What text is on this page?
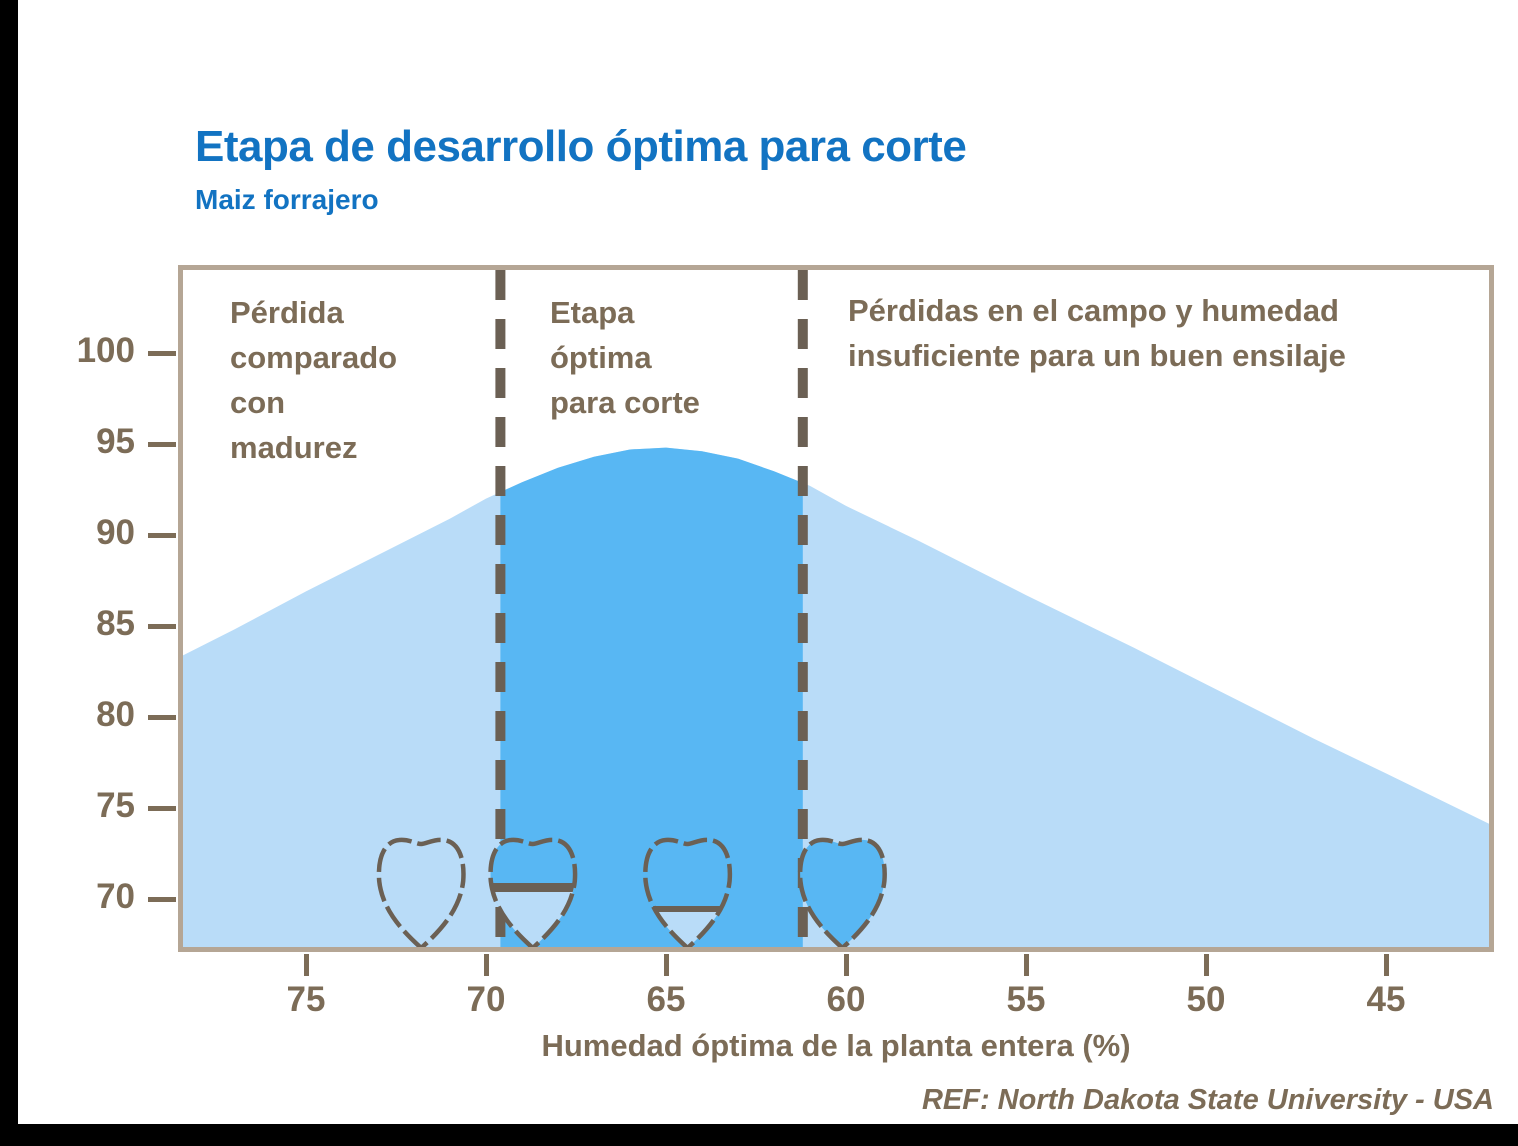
Etapa de desarrollo óptima para corte
Maiz forrajero
Pérdida
comparado
con
madurez
Etapa
óptima
para corte
Pérdidas en el campo y humedad
insuficiente para un buen ensilaje
100
95
90
85
80
75
70
75	70	65	60	55	50	45
Humedad óptima de la planta entera (%)
REF: North Dakota State University - USA
